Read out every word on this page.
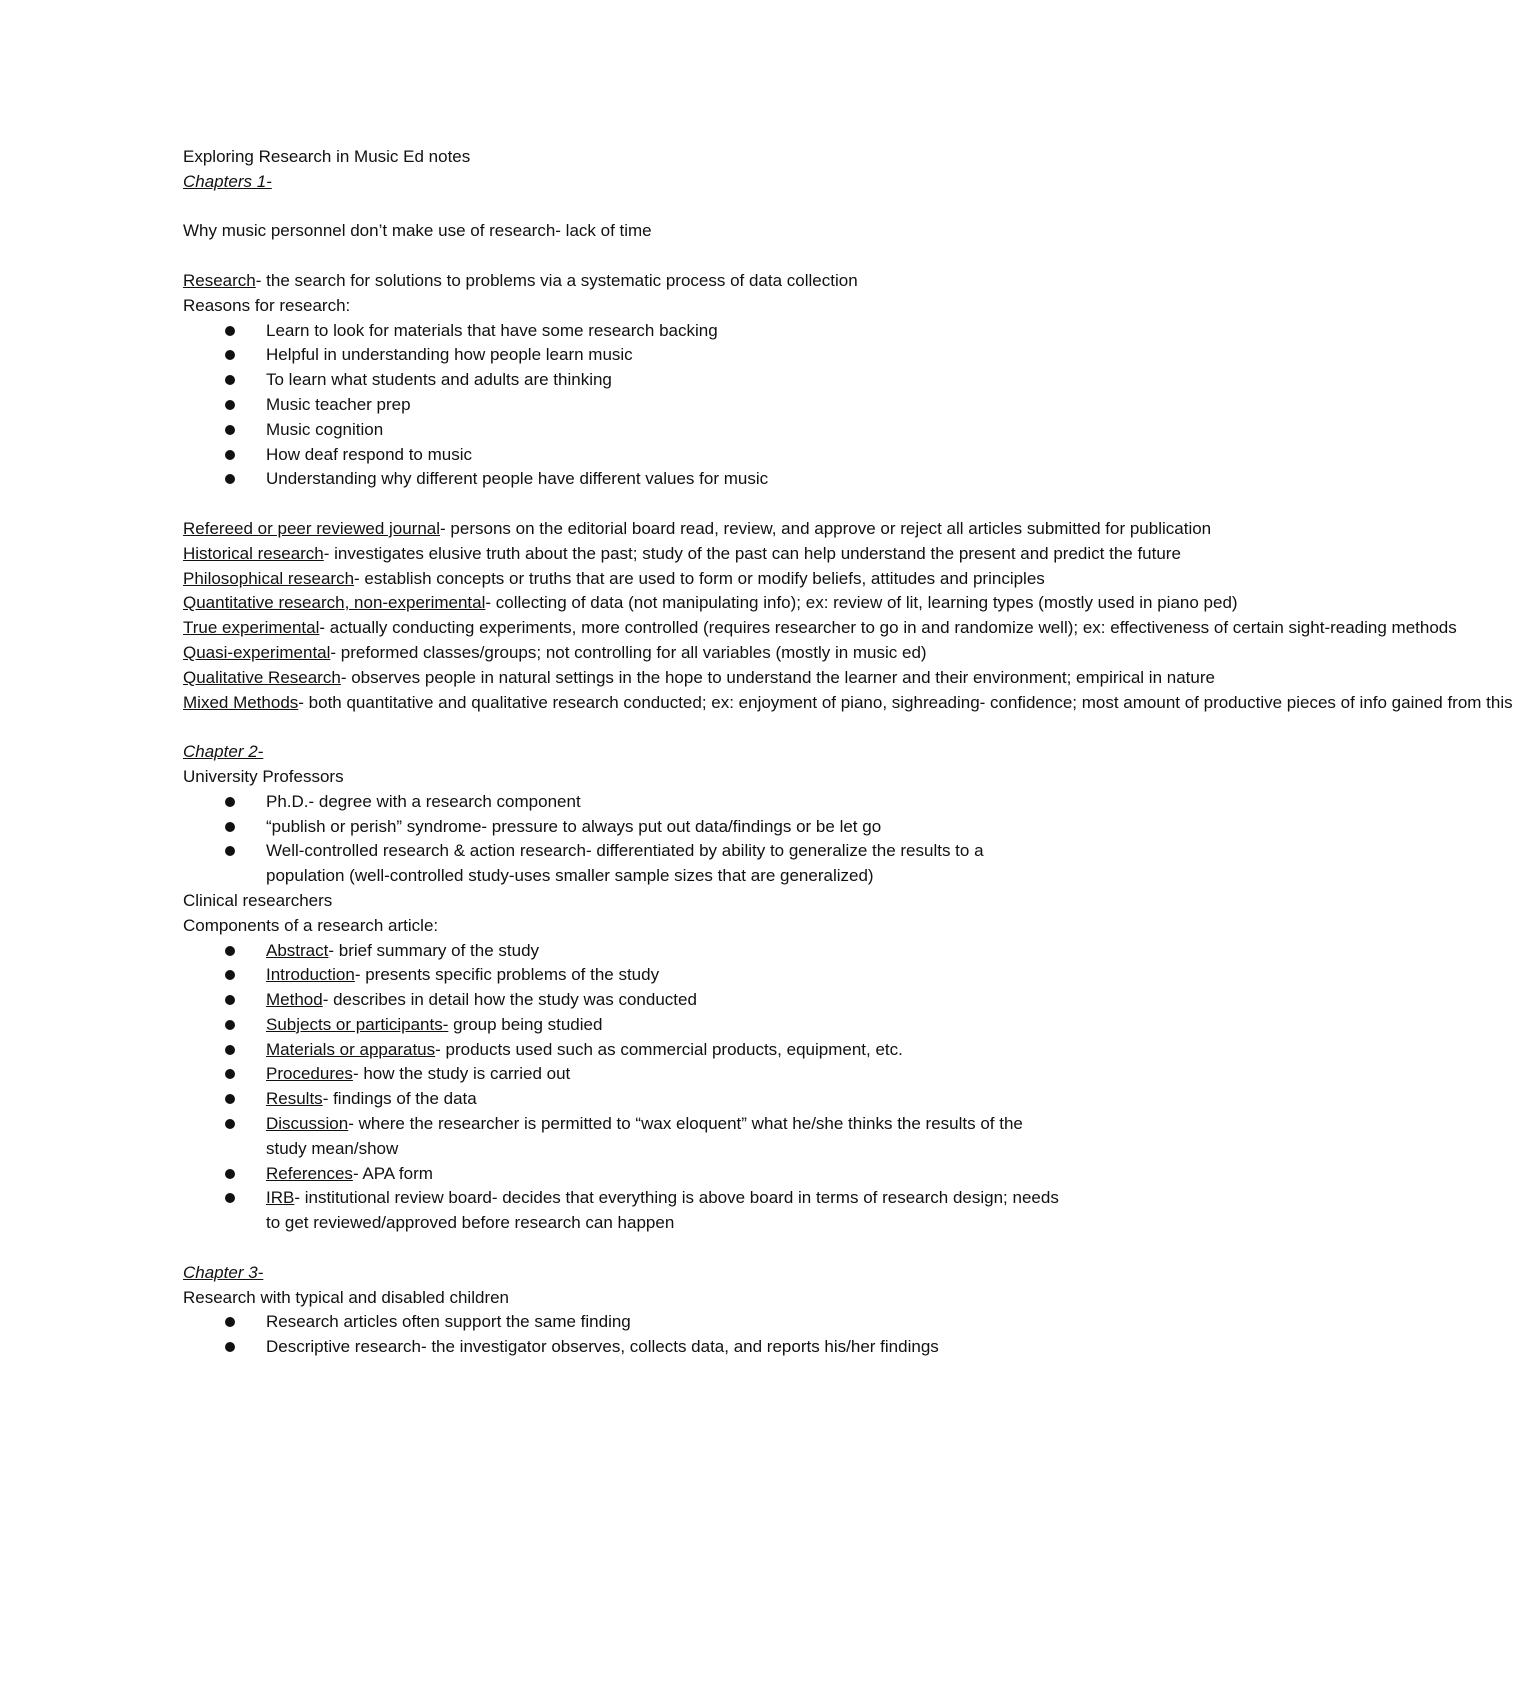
Exploring Research in Music Ed notes
Chapters 1-
Why music personnel don’t make use of research- lack of time
Research- the search for solutions to problems via a systematic process of data collection
Reasons for research:
Learn to look for materials that have some research backing
Helpful in understanding how people learn music
To learn what students and adults are thinking
Music teacher prep
Music cognition
How deaf respond to music
Understanding why different people have different values for music
Refereed or peer reviewed journal- persons on the editorial board read, review, and approve or reject all articles submitted for publication
Historical research- investigates elusive truth about the past; study of the past can help understand the present and predict the future
Philosophical research- establish concepts or truths that are used to form or modify beliefs, attitudes and principles
Quantitative research, non-experimental- collecting of data (not manipulating info); ex: review of lit, learning types (mostly used in piano ped)
True experimental- actually conducting experiments, more controlled (requires researcher to go in and randomize well); ex: effectiveness of certain sight-reading methods
Quasi-experimental- preformed classes/groups; not controlling for all variables (mostly in music ed)
Qualitative Research- observes people in natural settings in the hope to understand the learner and their environment; empirical in nature
Mixed Methods- both quantitative and qualitative research conducted; ex: enjoyment of piano, sighreading- confidence; most amount of productive pieces of info gained from this
Chapter 2-
University Professors
Ph.D.- degree with a research component
“publish or perish” syndrome- pressure to always put out data/findings or be let go
Well-controlled research & action research- differentiated by ability to generalize the results to a population (well-controlled study-uses smaller sample sizes that are generalized)
Clinical researchers
Components of a research article:
Abstract- brief summary of the study
Introduction- presents specific problems of the study
Method- describes in detail how the study was conducted
Subjects or participants- group being studied
Materials or apparatus- products used such as commercial products, equipment, etc.
Procedures- how the study is carried out
Results- findings of the data
Discussion- where the researcher is permitted to “wax eloquent” what he/she thinks the results of the study mean/show
References- APA form
IRB- institutional review board- decides that everything is above board in terms of research design; needs to get reviewed/approved before research can happen
Chapter 3-
Research with typical and disabled children
Research articles often support the same finding
Descriptive research- the investigator observes, collects data, and reports his/her findings
